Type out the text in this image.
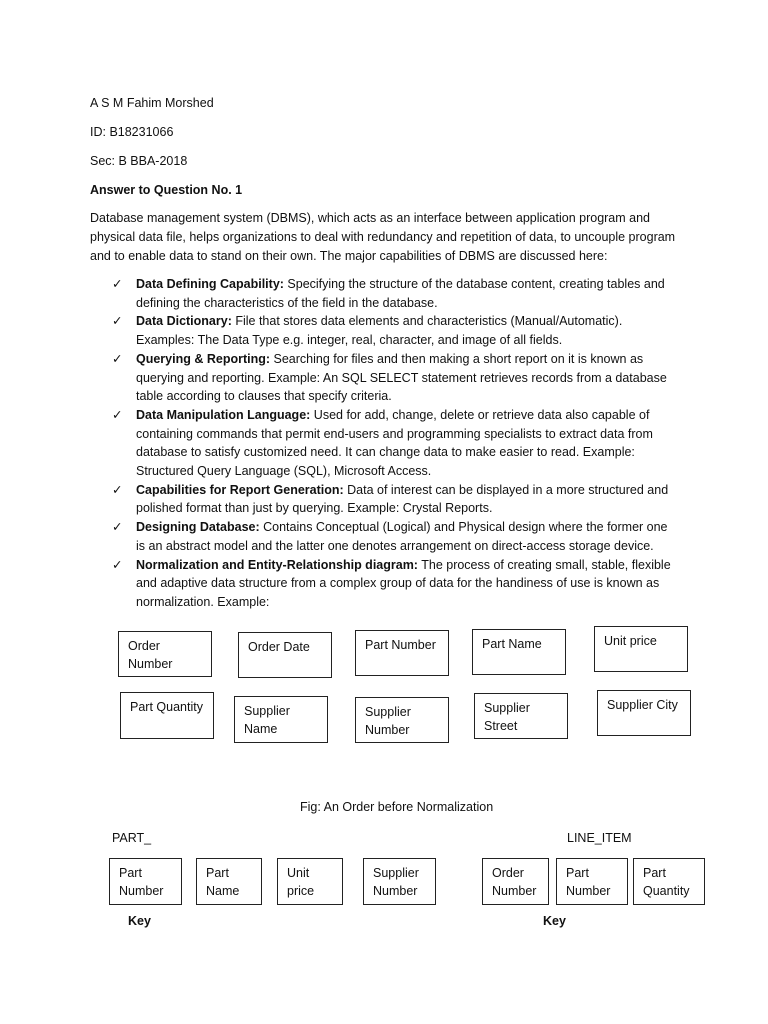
A S M Fahim Morshed
ID: B18231066
Sec: B BBA-2018
Answer to Question No. 1
Database management system (DBMS), which acts as an interface between application program and physical data file, helps organizations to deal with redundancy and repetition of data, to uncouple program and to enable data to stand on their own. The major capabilities of DBMS are discussed here:
✓ Data Defining Capability: Specifying the structure of the database content, creating tables and defining the characteristics of the field in the database.
✓ Data Dictionary: File that stores data elements and characteristics (Manual/Automatic). Examples: The Data Type e.g. integer, real, character, and image of all fields.
✓ Querying & Reporting: Searching for files and then making a short report on it is known as querying and reporting. Example: An SQL SELECT statement retrieves records from a database table according to clauses that specify criteria.
✓ Data Manipulation Language: Used for add, change, delete or retrieve data also capable of containing commands that permit end-users and programming specialists to extract data from database to satisfy customized need. It can change data to make easier to read. Example: Structured Query Language (SQL), Microsoft Access.
✓ Capabilities for Report Generation: Data of interest can be displayed in a more structured and polished format than just by querying. Example: Crystal Reports.
✓ Designing Database: Contains Conceptual (Logical) and Physical design where the former one is an abstract model and the latter one denotes arrangement on direct-access storage device.
✓ Normalization and Entity-Relationship diagram: The process of creating small, stable, flexible and adaptive data structure from a complex group of data for the handiness of use is known as normalization. Example:
Order Number
Order Date	Part Number	Part Name	Unit price
Part Quantity	Supplier Name
Supplier Number
Supplier Street
Supplier City
Fig: An Order before Normalization
PART_	LINE_ITEM
Part Number
Part Name
Unit price
Supplier Number
Order Number
Part Number
Part Quantity
Key	Key
